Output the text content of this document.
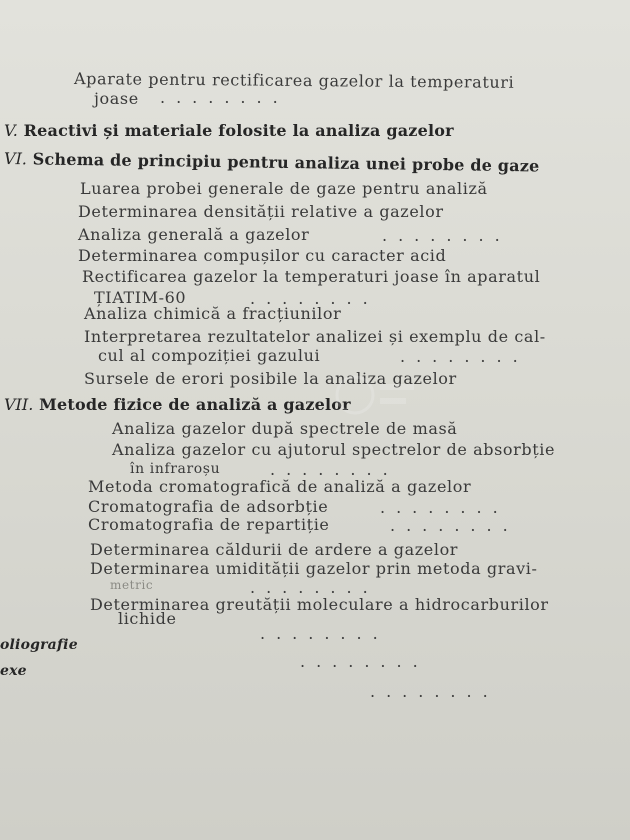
Aparate pentru rectificarea gazelor la temperaturi
joase ........
V. Reactivi și materiale folosite la analiza gazelor
VI. Schema de principiu pentru analiza unei probe de gaze
Luarea probei generale de gaze pentru analiză
Determinarea densității relative a gazelor
Analiza generală a gazelor	........
Determinarea compușilor cu caracter acid
Rectificarea gazelor la temperaturi joase în aparatul
ȚIATIM-60	........
Analiza chimică a fracțiunilor
Interpretarea rezultatelor analizei și exemplu de cal-
cul al compoziției gazului	........
Sursele de erori posibile la analiza gazelor
VII. Metode fizice de analiză a gazelor
Analiza gazelor după spectrele de masă
Analiza gazelor cu ajutorul spectrelor de absorbție
în infraroșu	........
Metoda cromatografică de analiză a gazelor
Cromatografia de adsorbție	........
Cromatografia de repartiție	........
Determinarea căldurii de ardere a gazelor
Determinarea umidității gazelor prin metoda gravi-
metric	........
Determinarea greutății moleculare a hidrocarburilor
lichide
........
oliografie
........
exe
........
